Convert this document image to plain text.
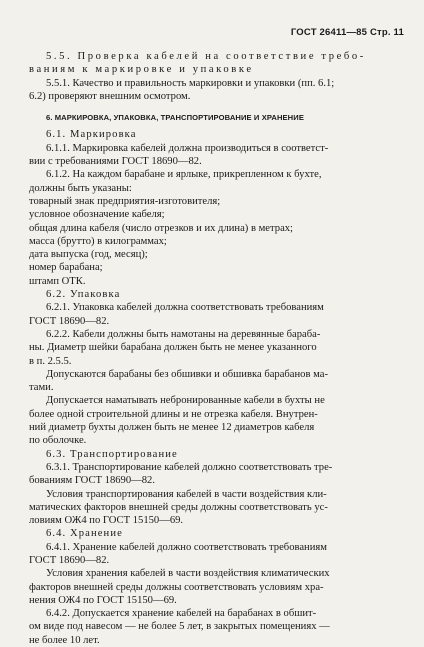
ГОСТ 26411—85 Стр. 11
5.5. Проверка кабелей на соответствие требо-
ваниям к маркировке и упаковке
5.5.1. Качество и правильность маркировки и упаковки (пп. 6.1;
6.2) проверяют внешним осмотром.
6. МАРКИРОВКА, УПАКОВКА, ТРАНСПОРТИРОВАНИЕ И ХРАНЕНИЕ
6.1. Маркировка
6.1.1. Маркировка кабелей должна производиться в соответст-
вии с требованиями ГОСТ 18690—82.
6.1.2. На каждом барабане и ярлыке, прикрепленном к бухте,
должны быть указаны:
товарный знак предприятия-изготовителя;
условное обозначение кабеля;
общая длина кабеля (число отрезков и их длина) в метрах;
масса (брутто) в килограммах;
дата выпуска (год, месяц);
номер барабана;
штамп ОТК.
6.2. Упаковка
6.2.1. Упаковка кабелей должна соответствовать требованиям
ГОСТ 18690—82.
6.2.2. Кабели должны быть намотаны на деревянные бараба-
ны. Диаметр шейки барабана должен быть не менее указанного
в п. 2.5.5.
Допускаются барабаны без обшивки и обшивка барабанов ма-
тами.
Допускается наматывать небронированные кабели в бухты не
более одной строительной длины и не отрезка кабеля. Внутрен-
ний диаметр бухты должен быть не менее 12 диаметров кабеля
по оболочке.
6.3. Транспортирование
6.3.1. Транспортирование кабелей должно соответствовать тре-
бованиям ГОСТ 18690—82.
Условия транспортирования кабелей в части воздействия кли-
матических факторов внешней среды должны соответствовать ус-
ловиям ОЖ4 по ГОСТ 15150—69.
6.4. Хранение
6.4.1. Хранение кабелей должно соответствовать требованиям
ГОСТ 18690—82.
Условия хранения кабелей в части воздействия климатических
факторов внешней среды должны соответствовать условиям хра-
нения ОЖ4 по ГОСТ 15150—69.
6.4.2. Допускается хранение кабелей на барабанах в обшит-
ом виде под навесом — не более 5 лет, в закрытых помещениях —
не более 10 лет.
